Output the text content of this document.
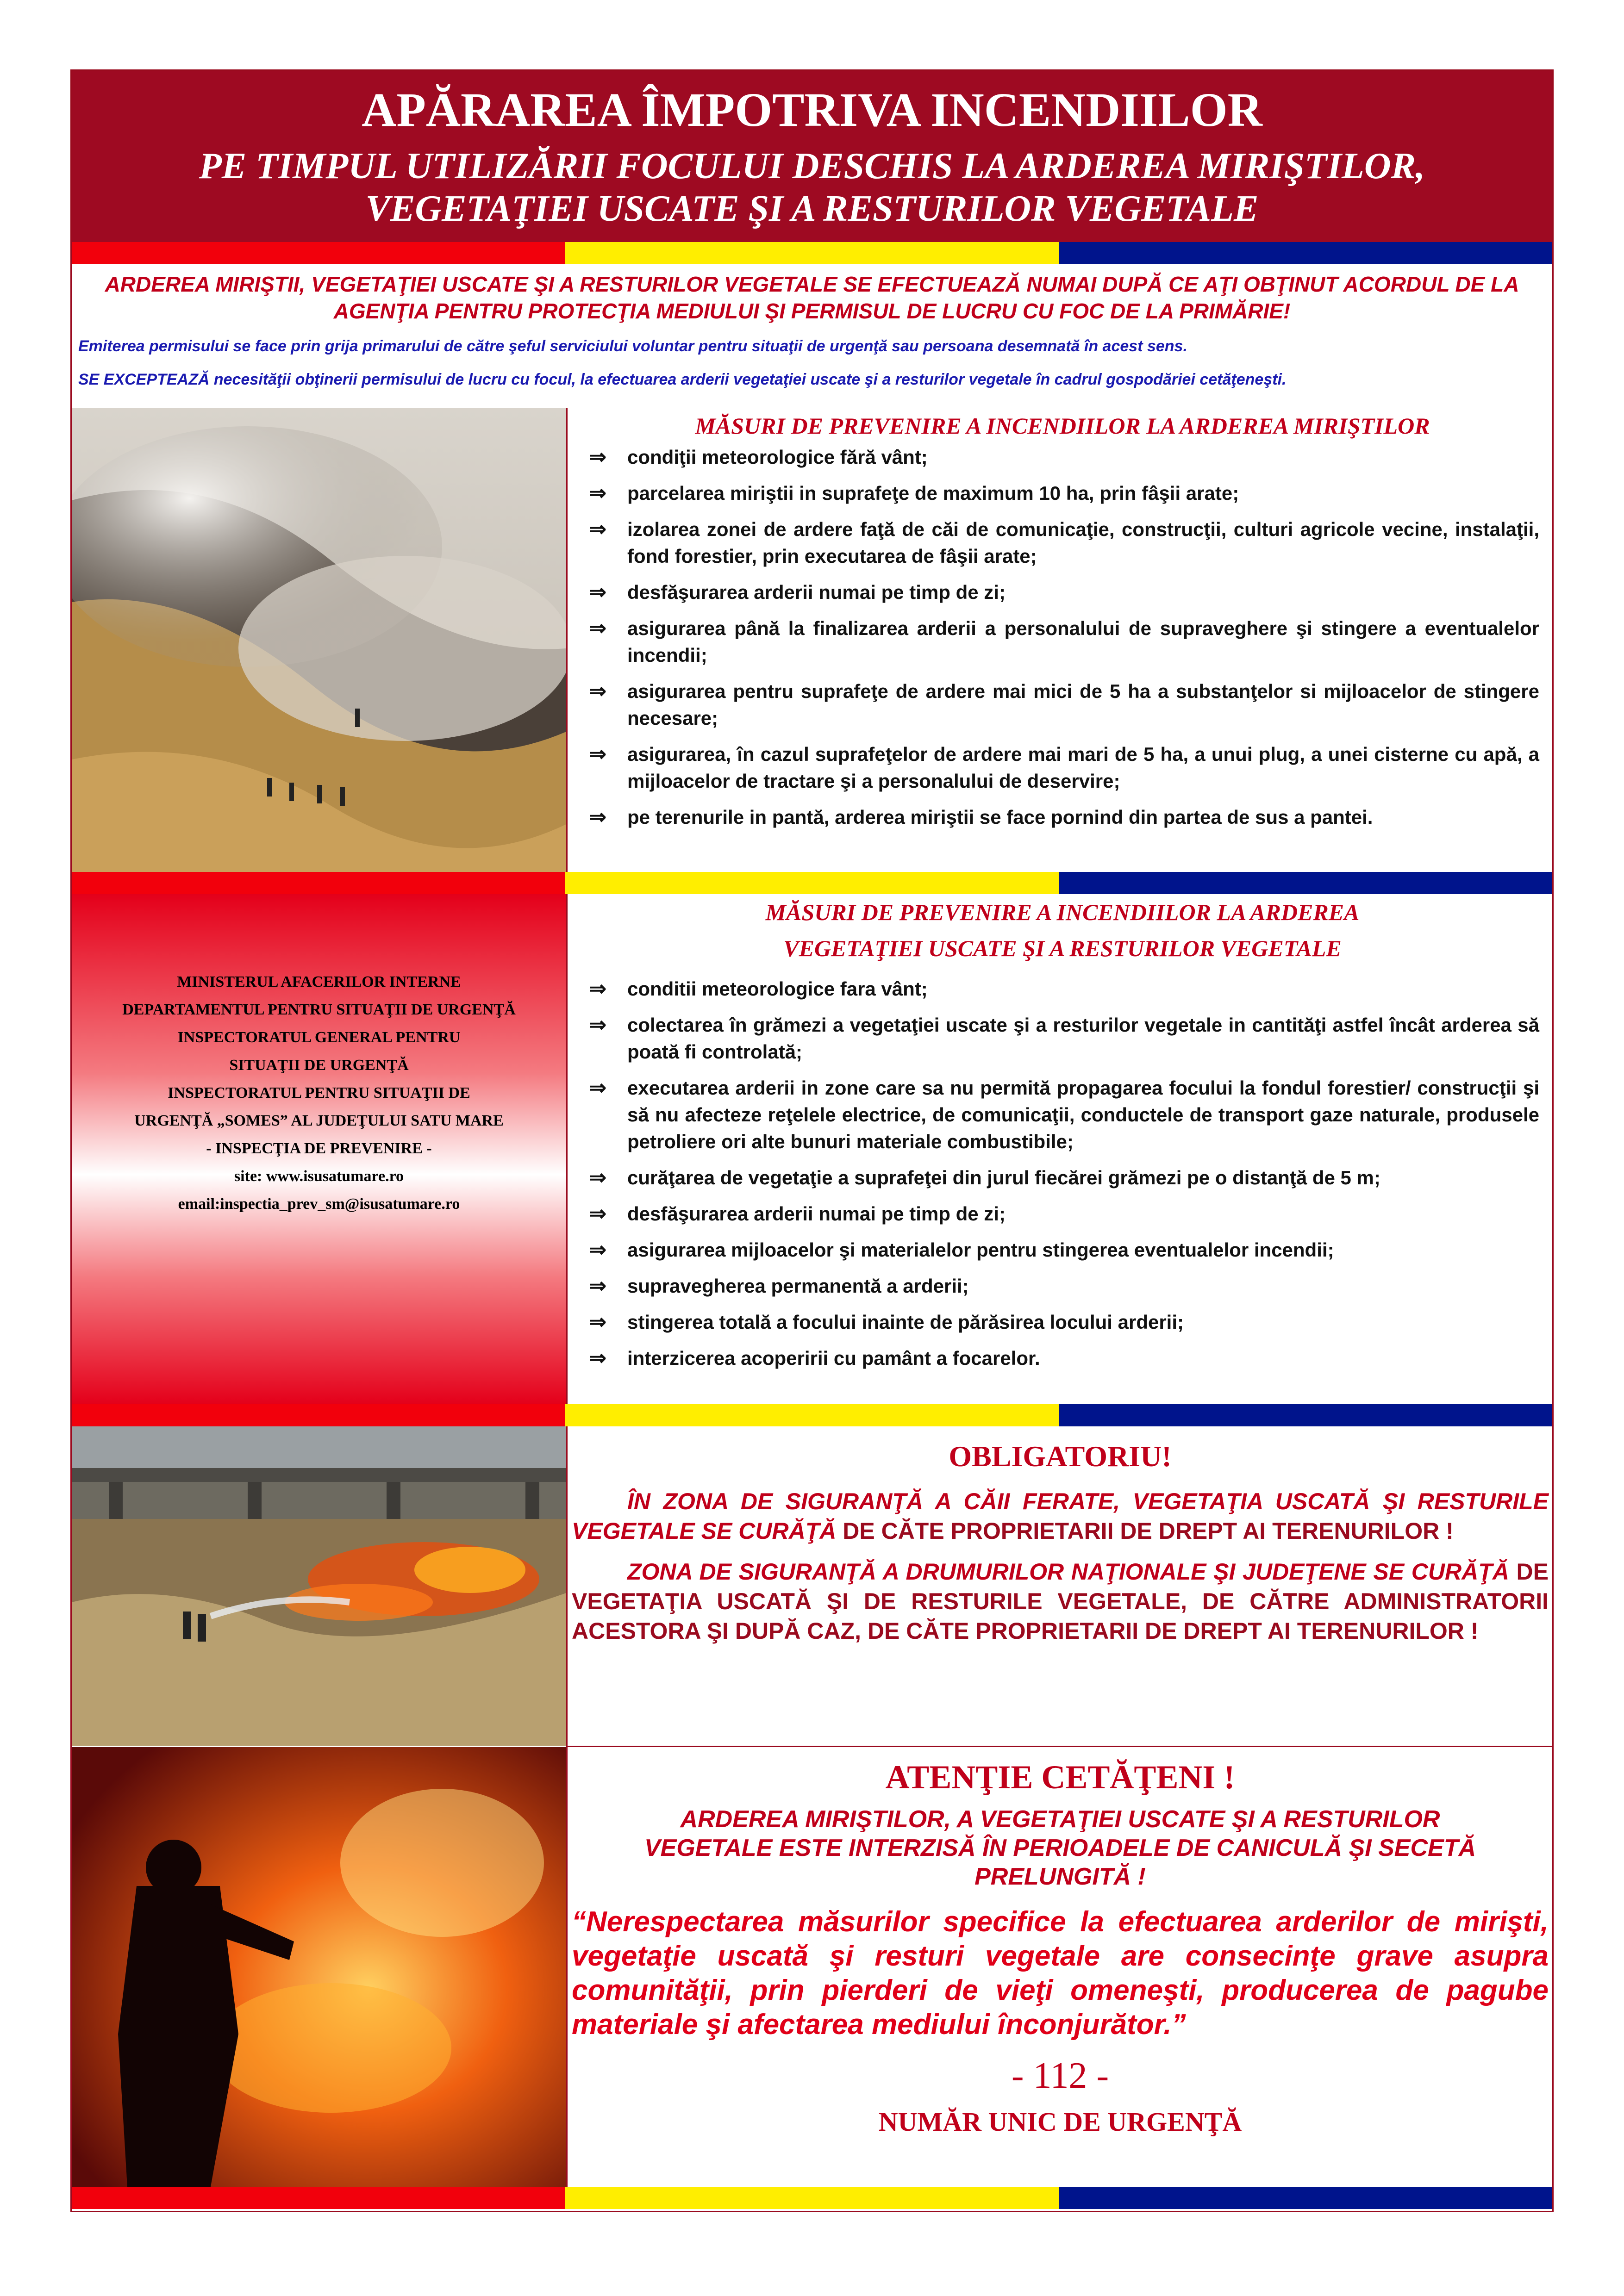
APĂRAREA ÎMPOTRIVA INCENDIILOR
PE TIMPUL UTILIZĂRII FOCULUI DESCHIS LA ARDEREA MIRIŞTILOR,
VEGETAŢIEI USCATE ŞI A RESTURILOR VEGETALE
ARDEREA MIRIŞTII, VEGETAŢIEI USCATE ŞI A RESTURILOR VEGETALE SE EFECTUEAZĂ NUMAI DUPĂ CE AŢI OBŢINUT ACORDUL DE LA AGENŢIA PENTRU PROTECŢIA MEDIULUI ŞI PERMISUL DE LUCRU CU FOC DE LA PRIMĂRIE!
Emiterea permisului se face prin grija primarului de către şeful serviciului voluntar pentru situaţii de urgenţă sau persoana desemnată în acest sens.
SE EXCEPTEAZĂ necesităţii obţinerii permisului de lucru cu focul, la efectuarea arderii vegetaţiei uscate şi a resturilor vegetale în cadrul gospodăriei cetăţeneşti.
MĂSURI DE PREVENIRE A INCENDIILOR LA ARDEREA MIRIŞTILOR
⇒ condiţii meteorologice fără vânt;
⇒ parcelarea miriştii in suprafeţe de maximum 10 ha, prin fâşii arate;
⇒ izolarea zonei de ardere faţă de căi de comunicaţie, construcţii, culturi agricole vecine, instalaţii, fond forestier, prin executarea de fâşii arate;
⇒ desfăşurarea arderii numai pe timp de zi;
⇒ asigurarea până la finalizarea arderii a personalului de supraveghere şi stingere a eventualelor incendii;
⇒ asigurarea pentru suprafeţe de ardere mai mici de 5 ha a substanţelor si mijloacelor de stingere necesare;
⇒ asigurarea, în cazul suprafeţelor de ardere mai mari de 5 ha, a unui plug, a unei cisterne cu apă, a mijloacelor de tractare şi a personalului de deservire;
⇒ pe terenurile in pantă, arderea miriştii se face pornind din partea de sus a pantei.
MINISTERUL AFACERILOR INTERNE
DEPARTAMENTUL PENTRU SITUAŢII DE URGENŢĂ
INSPECTORATUL GENERAL PENTRU
SITUAŢII DE URGENŢĂ
INSPECTORATUL PENTRU SITUAŢII DE
URGENŢĂ „SOMES” AL JUDEŢULUI SATU MARE
- INSPECŢIA DE PREVENIRE -
site: www.isusatumare.ro
email:inspectia_prev_sm@isusatumare.ro
MĂSURI DE PREVENIRE A INCENDIILOR LA ARDEREA
VEGETAŢIEI USCATE ŞI A RESTURILOR VEGETALE
⇒ conditii meteorologice fara vânt;
⇒ colectarea în grămezi a vegetaţiei uscate şi a resturilor vegetale in cantităţi astfel încât arderea să poată fi controlată;
⇒ executarea arderii in zone care sa nu permită propagarea focului la fondul forestier/ construcţii şi să nu afecteze reţelele electrice, de comunicaţii, conductele de transport gaze naturale, produsele petroliere ori alte bunuri materiale combustibile;
⇒ curăţarea de vegetaţie a suprafeţei din jurul fiecărei grămezi pe o distanţă de 5 m;
⇒ desfăşurarea arderii numai pe timp de zi;
⇒ asigurarea mijloacelor şi materialelor pentru stingerea eventualelor incendii;
⇒ supravegherea permanentă a arderii;
⇒ stingerea totală a focului inainte de părăsirea locului arderii;
⇒ interzicerea acoperirii cu pamânt a focarelor.
OBLIGATORIU!
ÎN ZONA DE SIGURANŢĂ A CĂII FERATE, VEGETAŢIA USCATĂ ŞI RESTURILE VEGETALE SE CURĂŢĂ DE CĂTE PROPRIETARII DE DREPT AI TERENURILOR !
ZONA DE SIGURANŢĂ A DRUMURILOR NAŢIONALE ŞI JUDEŢENE SE CURĂŢĂ DE VEGETAŢIA USCATĂ ŞI DE RESTURILE VEGETALE, DE CĂTRE ADMINISTRATORII ACESTORA ŞI DUPĂ CAZ, DE CĂTE PROPRIETARII DE DREPT AI TERENURILOR !
ATENŢIE CETĂŢENI !
ARDEREA MIRIŞTILOR, A VEGETAŢIEI USCATE ŞI A RESTURILOR VEGETALE ESTE INTERZISĂ ÎN PERIOADELE DE CANICULĂ ŞI SECETĂ PRELUNGITĂ !
“Nerespectarea măsurilor specifice la efectuarea arderilor de mirişti, vegetaţie uscată şi resturi vegetale are consecinţe grave asupra comunităţii, prin pierderi de vieţi omeneşti, producerea de pagube materiale şi afectarea mediului înconjurător.”
- 112 -
NUMĂR UNIC DE URGENŢĂ
